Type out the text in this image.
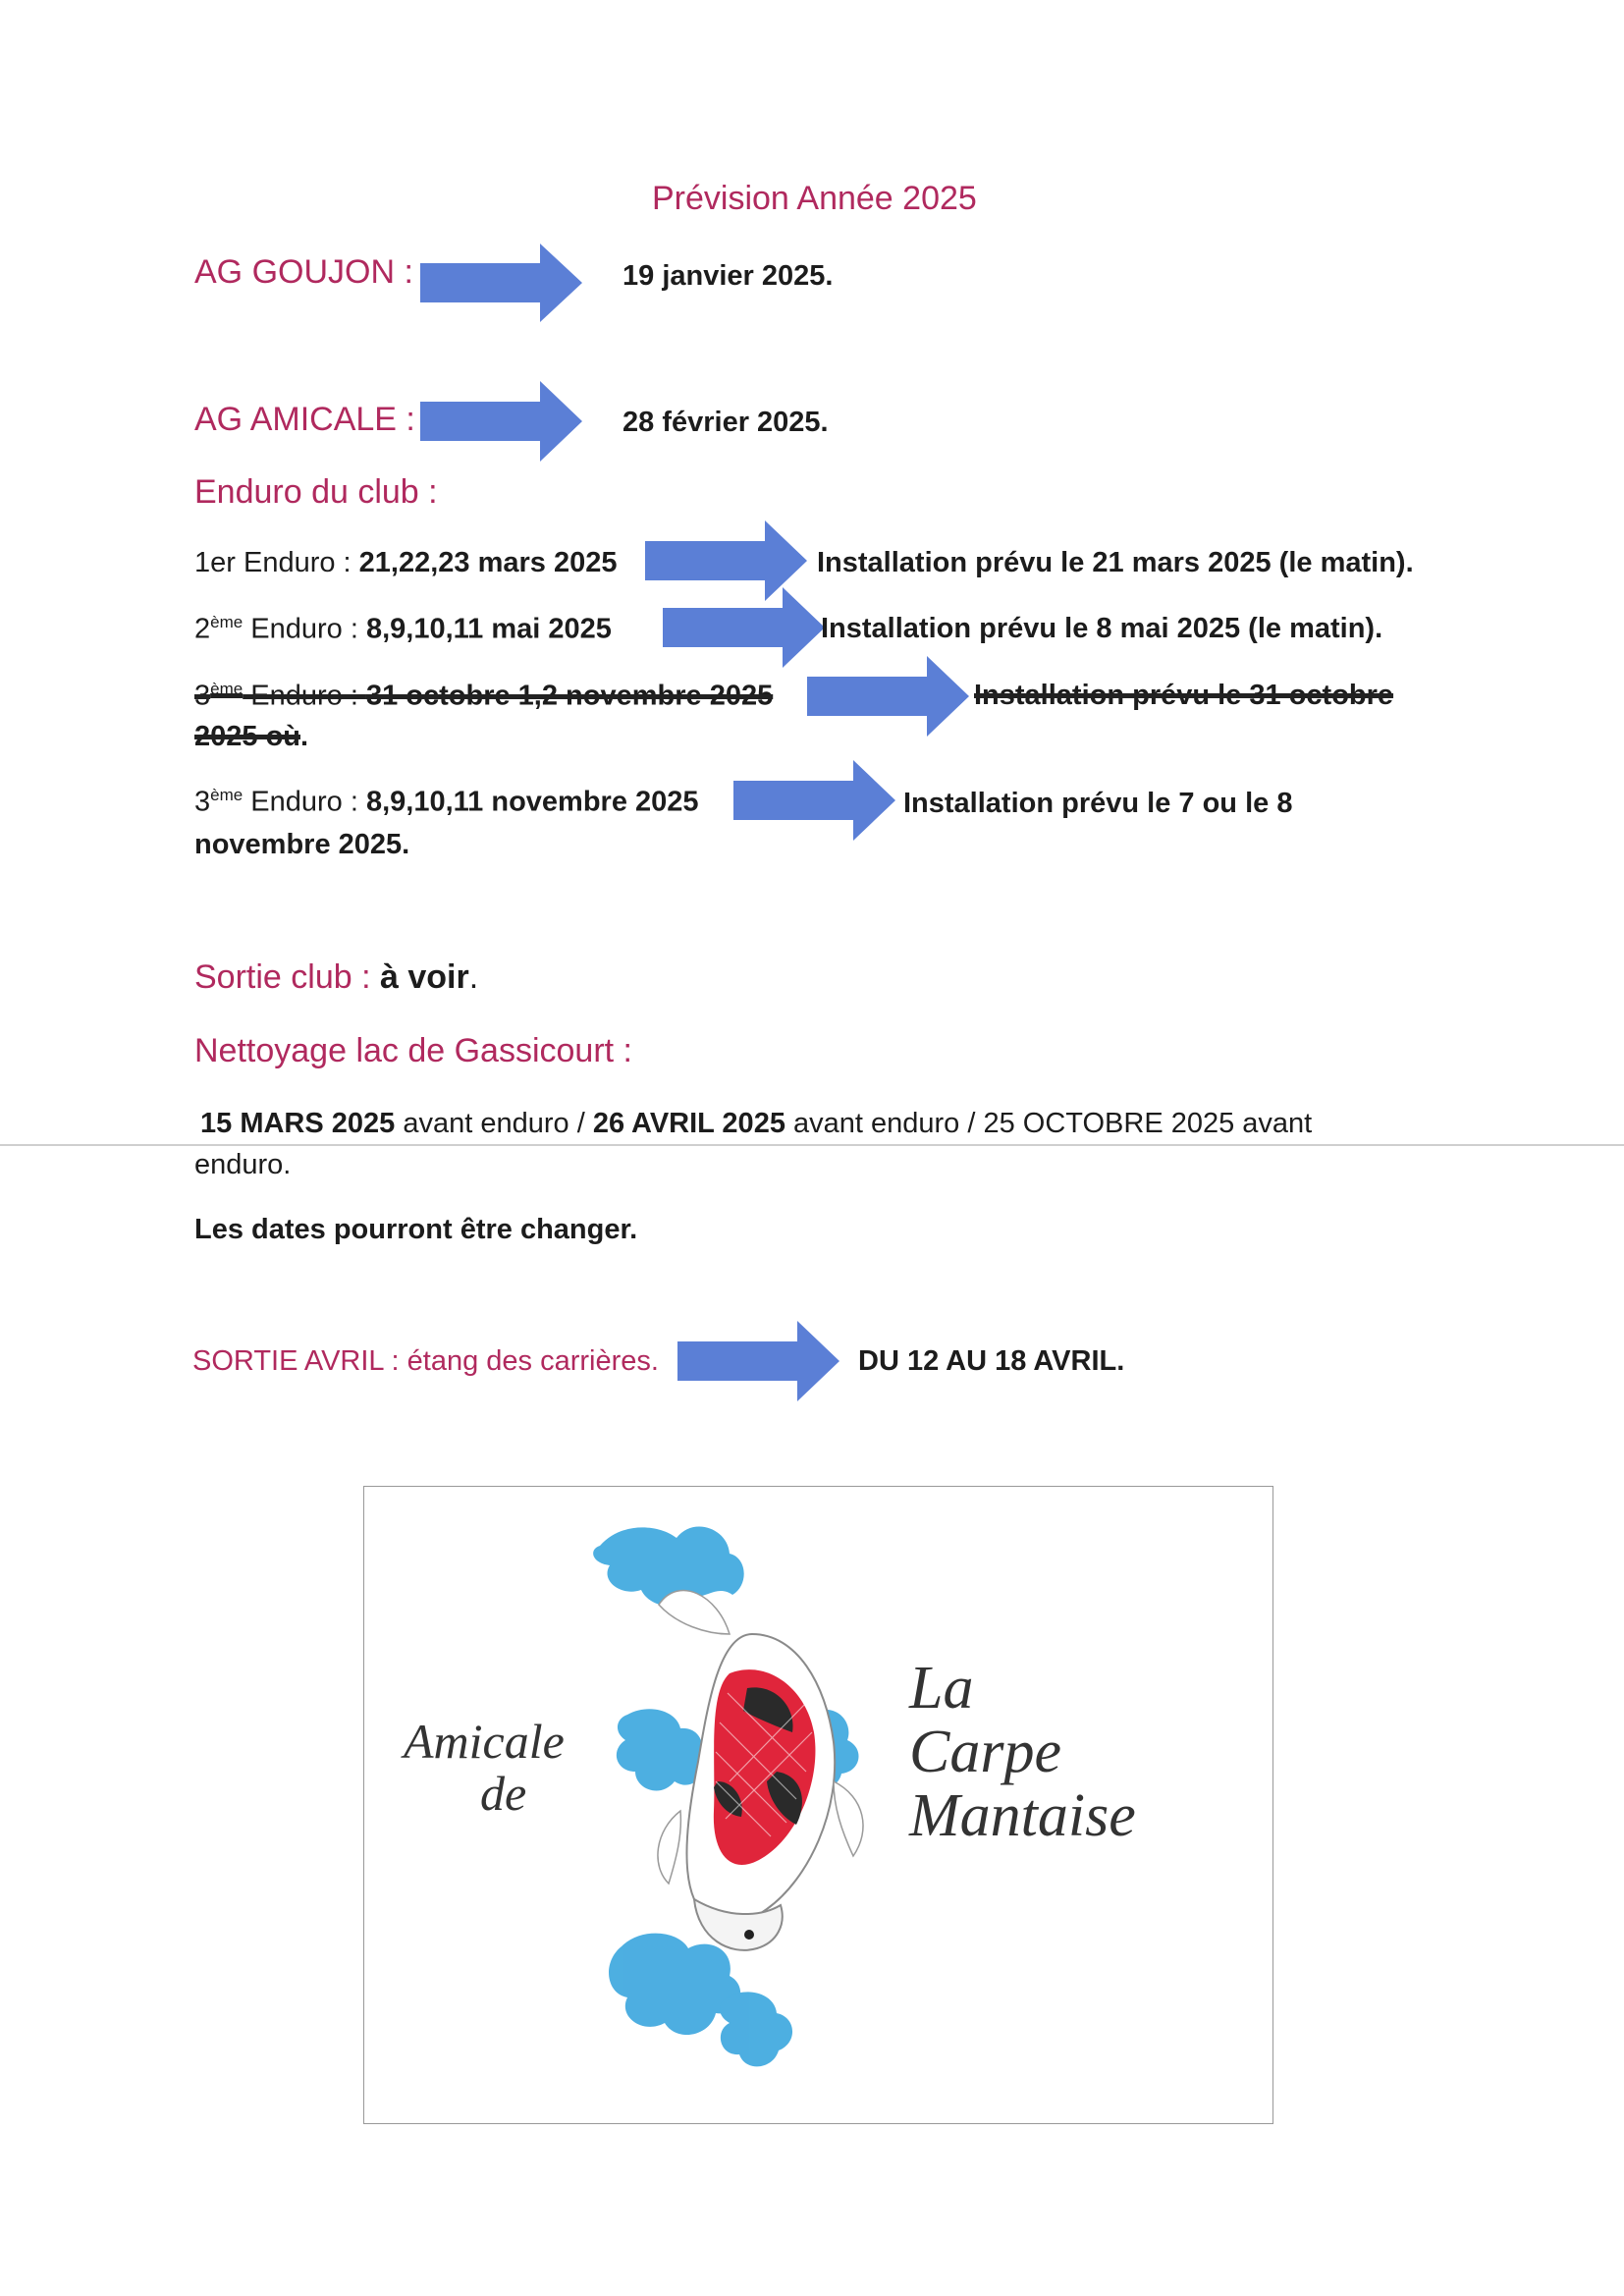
Prévision Année 2025
AG GOUJON :	19 janvier 2025.
AG AMICALE :	28 février 2025.
Enduro du club :
1er Enduro : 21,22,23 mars 2025	Installation prévu le 21 mars 2025 (le matin).
2ème Enduro : 8,9,10,11 mai 2025	Installation prévu le 8 mai 2025 (le matin).
3ème Enduro : 31 octobre 1,2 novembre 2025	Installation prévu le 31 octobre
2025 où.
3ème Enduro : 8,9,10,11 novembre 2025	Installation prévu le 7 ou le 8
novembre 2025.
Sortie club : à voir.
Nettoyage lac de Gassicourt :
15 MARS 2025 avant enduro / 26 AVRIL 2025 avant enduro / 25 OCTOBRE 2025 avant
enduro.
Les dates pourront être changer.
SORTIE AVRIL : étang des carrières.	DU 12 AU 18 AVRIL.
Amicale
de
La
Carpe
Mantaise
